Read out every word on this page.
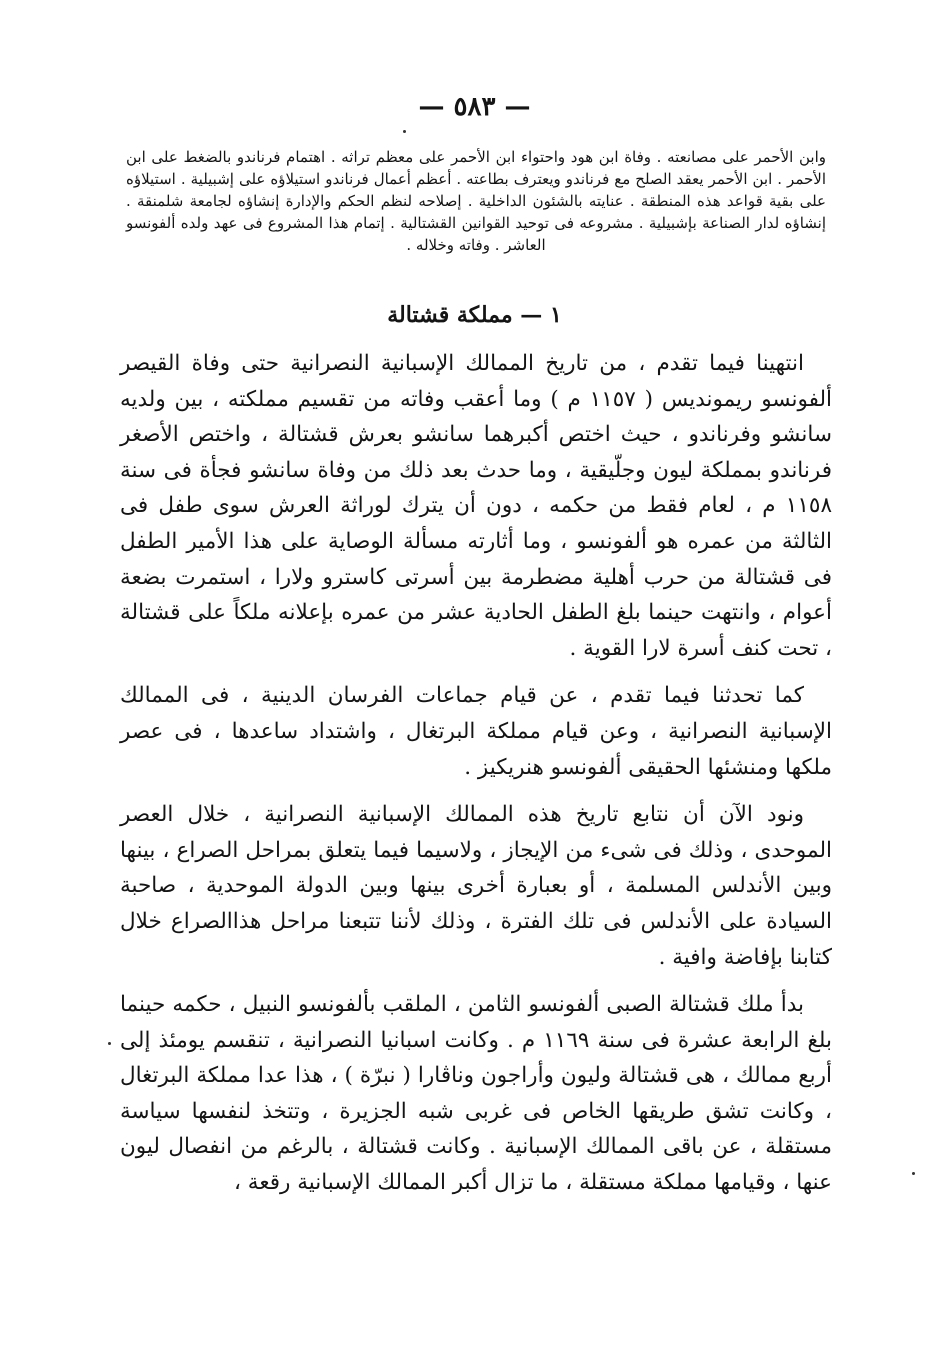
— ٥٨٣ —
وابن الأحمر على مصانعته . وفاة ابن هود واحتواء ابن الأحمر على معظم تراثه . اهتمام فرناندو بالضغط على ابن الأحمر . ابن الأحمر يعقد الصلح مع فرناندو ويعترف بطاعته . أعظم أعمال فرناندو استيلاؤه على إشبيلية . استيلاؤه على بقية قواعد هذه المنطقة . عنايته بالشئون الداخلية . إصلاحه لنظم الحكم والإدارة إنشاؤه لجامعة شلمنقة . إنشاؤه لدار الصناعة بإشبيلية . مشروعه فى توحيد القوانين القشتالية . إتمام هذا المشروع فى عهد ولده ألفونسو العاشر . وفاته وخلاله .
١ — مملكة قشتالة

انتهينا فيما تقدم ، من تاريخ الممالك الإسبانية النصرانية حتى وفاة القيصر ألفونسو ريموندیس ( ١١٥٧ م ) وما أعقب وفاته من تقسيم مملكته ، بين ولديه سانشو وفرناندو ، حيث اختص أكبرهما سانشو بعرش قشتالة ، واختص الأصغر فرناندو بمملكة ليون وجلّيقية ، وما حدث بعد ذلك من وفاة سانشو فجأة فى سنة ١١٥٨ م ، لعام فقط من حكمه ، دون أن يترك لوراثة العرش سوى طفل فى الثالثة من عمره هو ألفونسو ، وما أثارته مسألة الوصاية على هذا الأمير الطفل فى قشتالة من حرب أهلية مضطرمة بين أسرتى كاسترو ولارا ، استمرت بضعة أعوام ، وانتهت حينما بلغ الطفل الحادية عشر من عمره بإعلانه ملكاً على قشتالة ، تحت كنف أسرة لارا القوية .

كما تحدثنا فيما تقدم ، عن قيام جماعات الفرسان الدينية ، فى الممالك الإسبانية النصرانية ، وعن قيام مملكة البرتغال ، واشتداد ساعدها ، فى عصر ملكها ومنشئها الحقيقى ألفونسو هنريكيز .

ونود الآن أن نتابع تاريخ هذه الممالك الإسبانية النصرانية ، خلال العصر الموحدى ، وذلك فى شىء من الإيجاز ، ولاسيما فيما يتعلق بمراحل الصراع ، بينها وبين الأندلس المسلمة ، أو بعبارة أخرى بينها وبين الدولة الموحدية ، صاحبة السيادة على الأندلس فى تلك الفترة ، وذلك لأننا تتبعنا مراحل هذاالصراع خلال كتابنا بإفاضة وافية .

بدأ ملك قشتالة الصبى ألفونسو الثامن ، الملقب بألفونسو النبيل ، حكمه حينما بلغ الرابعة عشرة فى سنة ١١٦٩ م . وكانت اسبانيا النصرانية ، تنقسم يومئذ إلى أربع ممالك ، هى قشتالة وليون وأراجون وناڤارا ( نبرّة ) ، هذا عدا مملكة البرتغال ، وكانت تشق طريقها الخاص فى غربى شبه الجزيرة ، وتتخذ لنفسها سياسة مستقلة ، عن باقى الممالك الإسبانية . وكانت قشتالة ، بالرغم من انفصال ليون عنها ، وقيامها مملكة مستقلة ، ما تزال أكبر الممالك الإسبانية رقعة ،
